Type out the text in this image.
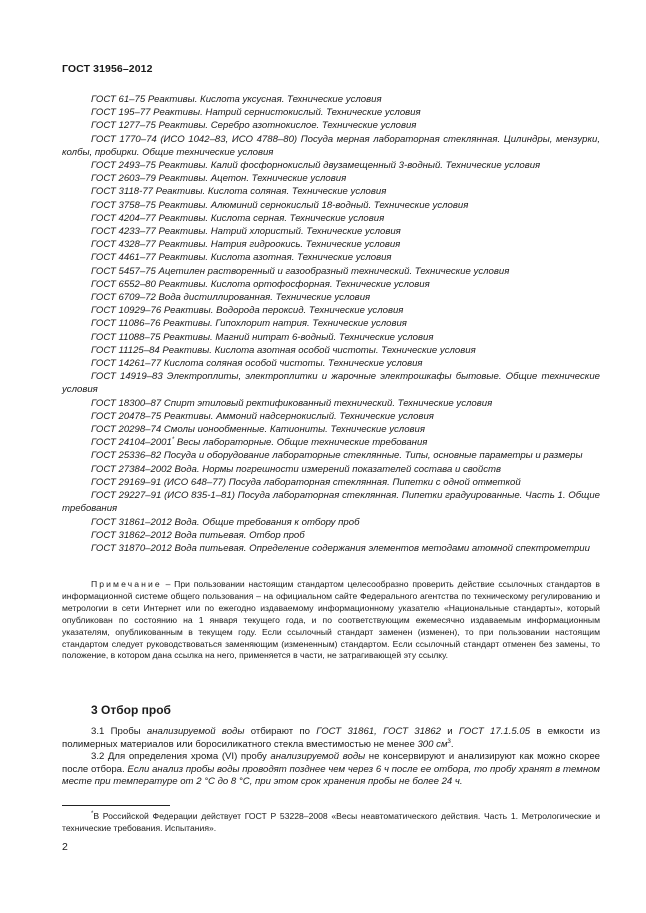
ГОСТ 31956–2012

ГОСТ 61–75 Реактивы. Кислота уксусная. Технические условия

ГОСТ 195–77 Реактивы. Натрий сернистокислый. Технические условия

ГОСТ 1277–75 Реактивы. Серебро азотнокислое. Технические условия

ГОСТ 1770–74 (ИСО 1042–83, ИСО 4788–80) Посуда мерная лабораторная стеклянная. Цилиндры, мензурки, колбы, пробирки. Общие технические условия

ГОСТ 2493–75 Реактивы. Калий фосфорнокислый двузамещенный 3-водный. Технические условия

ГОСТ 2603–79 Реактивы. Ацетон. Технические условия

ГОСТ 3118-77 Реактивы. Кислота соляная. Технические условия

ГОСТ 3758–75 Реактивы. Алюминий сернокислый 18-водный. Технические условия

ГОСТ 4204–77 Реактивы. Кислота серная. Технические условия

ГОСТ 4233–77 Реактивы. Натрий хлористый. Технические условия

ГОСТ 4328–77 Реактивы. Натрия гидроокись. Технические условия

ГОСТ 4461–77 Реактивы. Кислота азотная. Технические условия

ГОСТ 5457–75 Ацетилен растворенный и газообразный технический. Технические условия

ГОСТ 6552–80 Реактивы. Кислота ортофосфорная. Технические условия

ГОСТ 6709–72 Вода дистиллированная. Технические условия

ГОСТ 10929–76 Реактивы. Водорода пероксид. Технические условия

ГОСТ 11086–76 Реактивы. Гипохлорит натрия. Технические условия

ГОСТ 11088–75 Реактивы. Магний нитрат 6-водный. Технические условия

ГОСТ 11125–84 Реактивы. Кислота азотная особой чистоты. Технические условия

ГОСТ 14261–77 Кислота соляная особой чистоты. Технические условия

ГОСТ 14919–83 Электроплиты, электроплитки и жарочные электрошкафы бытовые. Общие технические условия

ГОСТ 18300–87 Спирт этиловый ректификованный технический. Технические условия

ГОСТ 20478–75 Реактивы. Аммоний надсернокислый. Технические условия

ГОСТ 20298–74 Смолы ионообменные. Катиониты. Технические условия

ГОСТ 24104–2001* Весы лабораторные. Общие технические требования

ГОСТ 25336–82 Посуда и оборудование лабораторные стеклянные. Типы, основные параметры и размеры

ГОСТ 27384–2002 Вода. Нормы погрешности измерений показателей состава и свойств

ГОСТ 29169–91 (ИСО 648–77) Посуда лабораторная стеклянная. Пипетки с одной отметкой

ГОСТ 29227–91 (ИСО 835-1–81) Посуда лабораторная стеклянная. Пипетки градуированные. Часть 1. Общие требования

ГОСТ 31861–2012 Вода. Общие требования к отбору проб

ГОСТ 31862–2012 Вода питьевая. Отбор проб

ГОСТ 31870–2012 Вода питьевая. Определение содержания элементов методами атомной спектрометрии

Примечание – При пользовании настоящим стандартом целесообразно проверить действие ссылочных стандартов в информационной системе общего пользования – на официальном сайте Федерального агентства по техническому регулированию и метрологии в сети Интернет или по ежегодно издаваемому информационному указателю «Национальные стандарты», который опубликован по состоянию на 1 января текущего года, и по соответствующим ежемесячно издаваемым информационным указателям, опубликованным в текущем году. Если ссылочный стандарт заменен (изменен), то при пользовании настоящим стандартом следует руководствоваться заменяющим (измененным) стандартом. Если ссылочный стандарт отменен без замены, то положение, в котором дана ссылка на него, применяется в части, не затрагивающей эту ссылку.

3 Отбор проб

3.1 Пробы анализируемой воды отбирают по ГОСТ 31861, ГОСТ 31862 и ГОСТ 17.1.5.05 в емкости из полимерных материалов или боросиликатного стекла вместимостью не менее 300 $см^3$.

3.2 Для определения хрома (VI) пробу анализируемой воды не консервируют и анализируют как можно скорее после отбора. Если анализ пробы воды проводят позднее чем через 6 ч после ее отбора, то пробу хранят в темном месте при температуре от 2 °С до 8 °С, при этом срок хранения пробы не более 24 ч.

*В Российской Федерации действует ГОСТ Р 53228–2008 «Весы неавтоматического действия. Часть 1. Метрологические и технические требования. Испытания».

2
